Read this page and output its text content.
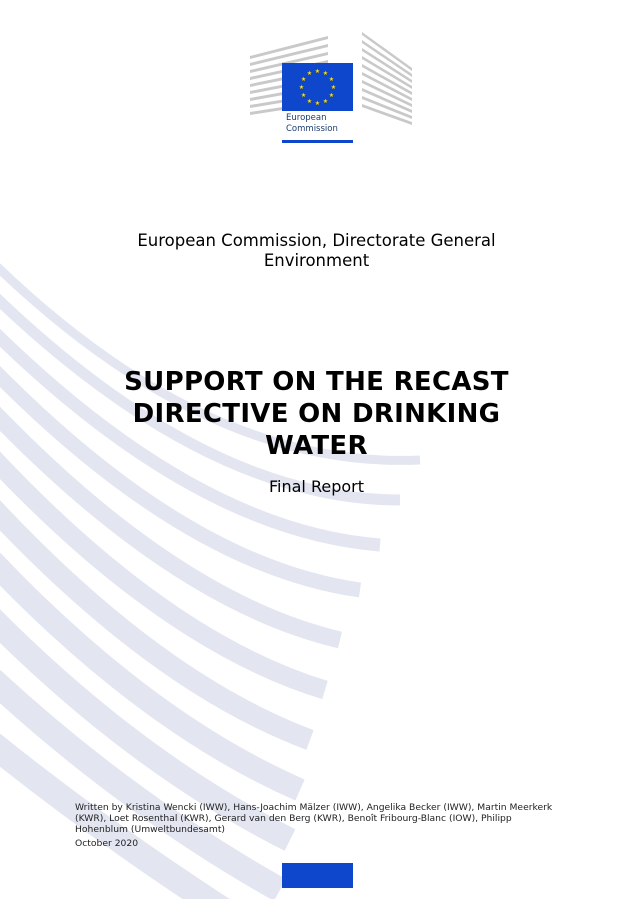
★ ★
★
★
★
★
★
★
★
★
★
★
European
Commission
European Commission, Directorate General
Environment
SUPPORT ON THE RECAST
DIRECTIVE ON DRINKING
WATER
Final Report
Written by Kristina Wencki (IWW), Hans-Joachim Mälzer (IWW), Angelika Becker (IWW), Martin Meerkerk (KWR), Loet Rosenthal (KWR), Gerard van den Berg (KWR), Benoît Fribourg-Blanc (IOW), Philipp Hohenblum (Umweltbundesamt)
October 2020
